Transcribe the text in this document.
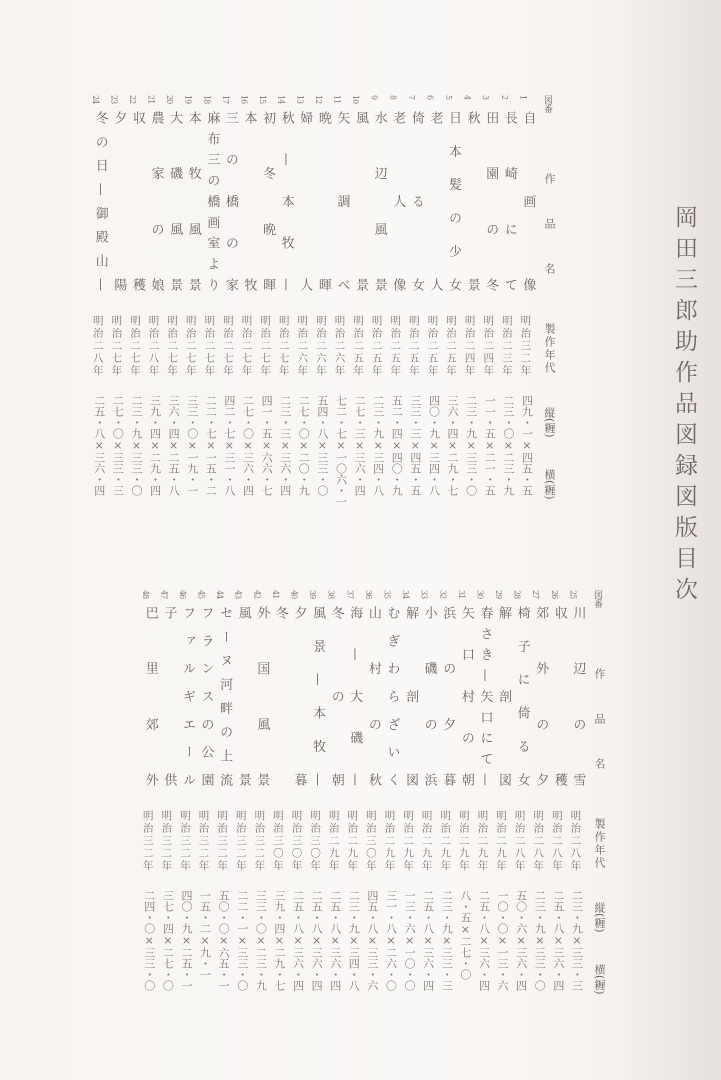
岡田三郎助作品図録図版目次
図番
作品名
製作年代
縦(糎)
横(糎)
1
自画像
明治三二年
四九・一×四五・五
2
長崎にて
明治二三年
二三・〇×二三・九
3
田園の冬
明治二四年
一一・五×二一・五
4
秋景
明治二四年
二三・九×三三・〇
5
日本髪の少女
明治二五年
三六・四×二九・七
6
老人
明治二五年
四〇・九×三四・八
7
倚る女
明治二五年
三三・三×四五・五
8
老人像
明治二五年
五二・四×四〇・九
9
水辺風景
明治二五年
二三・九×三四・八
10
風景
明治二五年
二七・三×三六・四
11
矢調べ
明治二六年
七二・七×一〇六・一
12
晩暉
明治二六年
五四・八×三三・〇
13
婦人
明治二六年
二七・〇×二〇・九
14
秋—本牧—
明治二七年
二三・三×三六・四
15
初冬晩暉
明治二七年
四一・五×六六・七
16
本牧
明治二七年
二七・〇×三六・四
17
三の橋の家
明治二七年
四二・七×三一・八
18
麻布三の橋画室より
明治二七年
二二・七×一五・二
19
本牧風景
明治二七年
三三・〇×一九・一
20
大磯風景
明治二七年
三六・四×二五・八
21
農家の娘
明治二八年
三九・四×二九・四
22
収穫
明治二七年
二三・九×三三・〇
23
夕陽
明治二七年
二七・〇×三三・三
24
冬の日—御殿山—
明治二八年
二五・八×三六・四
図番
作品名
製作年代
縦(糎)
横(糎)
25
川辺の雪
明治二八年
二三・九×三三・三
26
収穫
明治二八年
二五・八×三六・四
27
郊外の夕
明治二八年
二三・九×三三・〇
28
椅子に倚る女
明治二八年
五〇・六×三六・四
29
解剖図
明治二九年
一〇・〇×一三・六
30
春さき—矢口にて—
明治二九年
二五・八×三六・四
31
矢口村の朝
明治二九年
八・五×二七・〇
32
浜の夕暮
明治二九年
二三・九×三三・三
33
小磯の浜
明治二九年
二五・八×三六・四
34
解剖図
明治二九年
一三・六×一〇・〇
35
むぎわらざいく
明治二九年
三一・八×二六・〇
36
山村の秋
明治三〇年
四五・八×三三・六
37
海—大磯—
明治二九年
二三・九×三四・八
38
冬の朝
明治二九年
二五・八×三六・四
39
風景—本牧—
明治三〇年
二五・八×三六・四
40
夕暮
明治三〇年
二五・八×三六・四
41
冬
明治三〇年
三九・四×二九・七
42
外国風景
明治三二年
三三・〇×二三・九
43
風景
明治三二年
二二・一×三三・〇
44
セーヌ河畔の上流
明治三二年
五〇・〇×六五・一
45
フランスの公園
明治三二年
一五・二×九・一
46
ファルギエール
明治三二年
四〇・九×二五・一
47
子供
明治三二年
三七・四×二七・〇
48
巴里郊外
明治三二年
二四・〇×三三・〇
